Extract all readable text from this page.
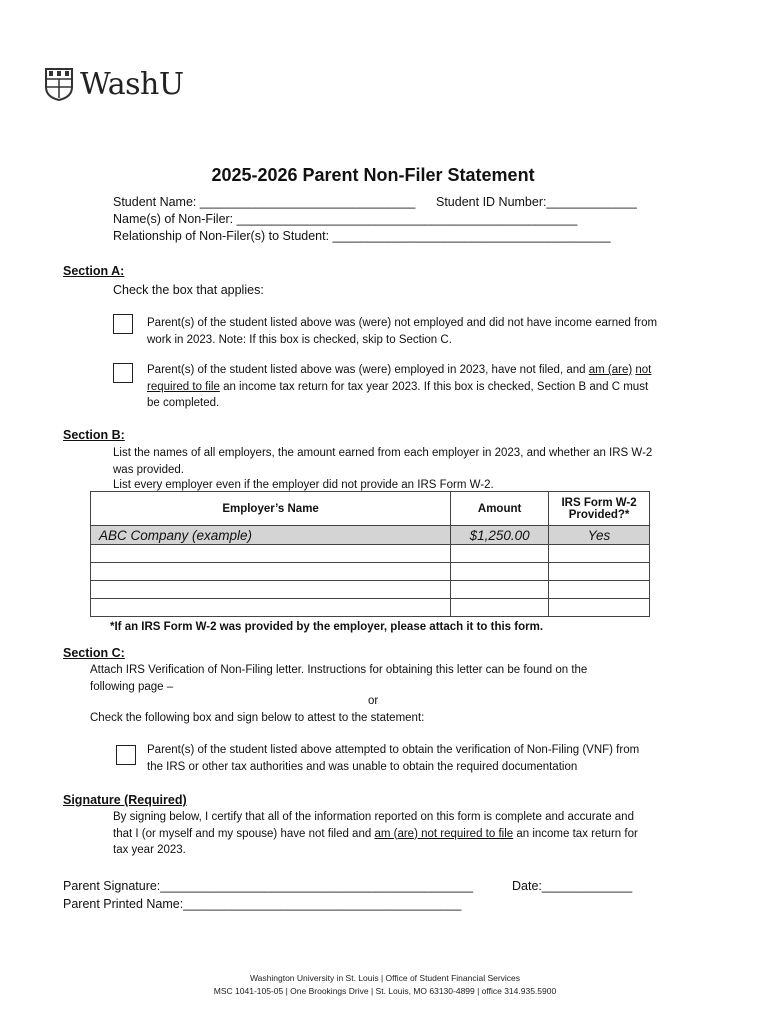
WashU
2025-2026 Parent Non-Filer Statement
Student Name: _______________________________ Student ID Number:_____________
Name(s) of Non-Filer: _________________________________________________
Relationship of Non-Filer(s) to Student: ________________________________________
Section A:
Check the box that applies:
Parent(s) of the student listed above was (were) not employed and did not have income earned from work in 2023. Note: If this box is checked, skip to Section C.
Parent(s) of the student listed above was (were) employed in 2023, have not filed, and am (are) not required to file an income tax return for tax year 2023. If this box is checked, Section B and C must be completed.
Section B:
List the names of all employers, the amount earned from each employer in 2023, and whether an IRS W-2 was provided.
List every employer even if the employer did not provide an IRS Form W-2.
Employer’s Name	Amount	IRS Form W-2 Provided?*
ABC Company (example)	$1,250.00	Yes

*If an IRS Form W-2 was provided by the employer, please attach it to this form.
Section C:
Attach IRS Verification of Non-Filing letter. Instructions for obtaining this letter can be found on the following page –
or
Check the following box and sign below to attest to the statement:
Parent(s) of the student listed above attempted to obtain the verification of Non-Filing (VNF) from the IRS or other tax authorities and was unable to obtain the required documentation
Signature (Required)
By signing below, I certify that all of the information reported on this form is complete and accurate and that I (or myself and my spouse) have not filed and am (are) not required to file an income tax return for tax year 2023.
Parent Signature:_____________________________________________	Date:_____________
Parent Printed Name:________________________________________
Washington University in St. Louis | Office of Student Financial Services
MSC 1041-105-05 | One Brookings Drive | St. Louis, MO 63130-4899 | office 314.935.5900
